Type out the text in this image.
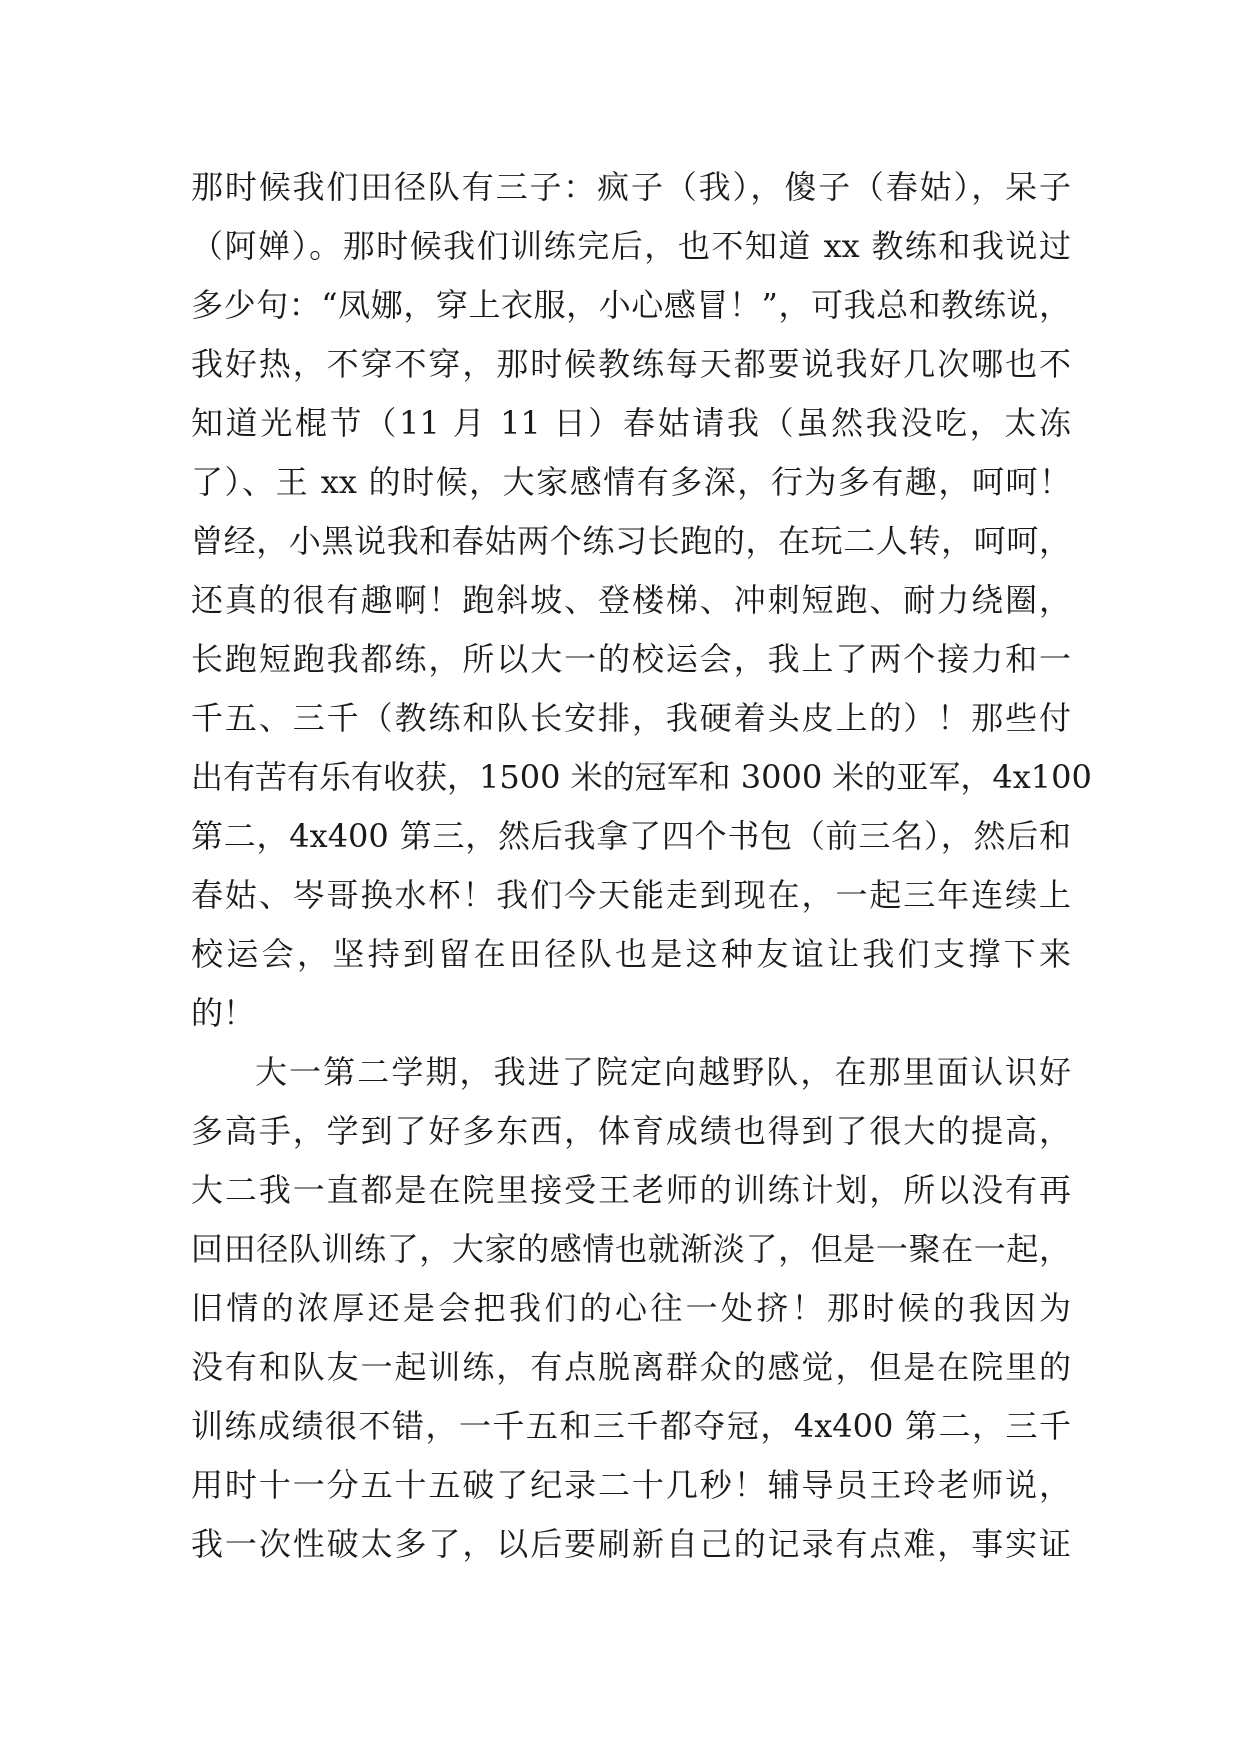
那时候我们田径队有三子：疯子（我），傻子（春姑），呆子
（阿婵）。那时候我们训练完后，也不知道 xx 教练和我说过
多少句：“凤娜，穿上衣服，小心感冒！”，可我总和教练说，
我好热，不穿不穿，那时候教练每天都要说我好几次哪也不
知道光棍节（11 月 11 日）春姑请我（虽然我没吃，太冻
了）、王 xx 的时候，大家感情有多深，行为多有趣，呵呵！
曾经，小黑说我和春姑两个练习长跑的，在玩二人转，呵呵，
还真的很有趣啊！跑斜坡、登楼梯、冲刺短跑、耐力绕圈，
长跑短跑我都练，所以大一的校运会，我上了两个接力和一
千五、三千（教练和队长安排，我硬着头皮上的）！那些付
出有苦有乐有收获，1500 米的冠军和 3000 米的亚军，4x100
第二，4x400 第三，然后我拿了四个书包（前三名），然后和
春姑、岑哥换水杯！我们今天能走到现在，一起三年连续上
校运会，坚持到留在田径队也是这种友谊让我们支撑下来
的！
大一第二学期，我进了院定向越野队，在那里面认识好
多高手，学到了好多东西，体育成绩也得到了很大的提高，
大二我一直都是在院里接受王老师的训练计划，所以没有再
回田径队训练了，大家的感情也就渐淡了，但是一聚在一起，
旧情的浓厚还是会把我们的心往一处挤！那时候的我因为
没有和队友一起训练，有点脱离群众的感觉，但是在院里的
训练成绩很不错，一千五和三千都夺冠，4x400 第二，三千
用时十一分五十五破了纪录二十几秒！辅导员王玲老师说，
我一次性破太多了，以后要刷新自己的记录有点难，事实证
